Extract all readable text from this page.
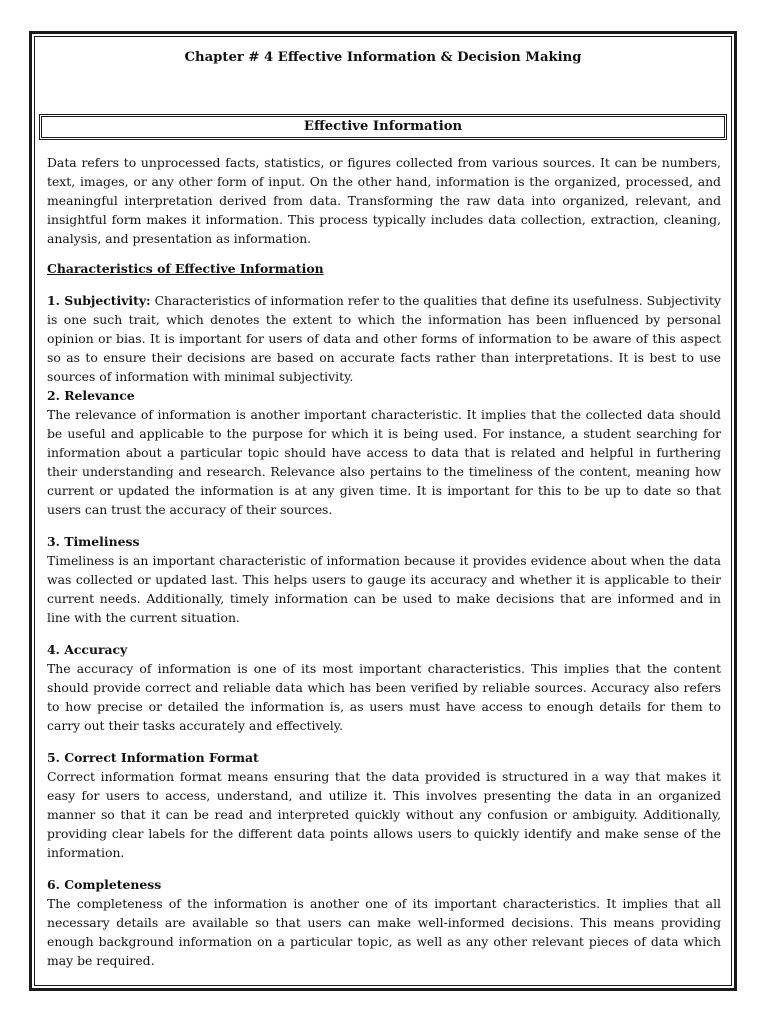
Chapter # 4 Effective Information & Decision Making
Effective Information

Data refers to unprocessed facts, statistics, or figures collected from various sources. It can be numbers, text, images, or any other form of input. On the other hand, information is the organized, processed, and meaningful interpretation derived from data. Transforming the raw data into organized, relevant, and insightful form makes it information. This process typically includes data collection, extraction, cleaning, analysis, and presentation as information.

Characteristics of Effective Information

1. Subjectivity: Characteristics of information refer to the qualities that define its usefulness. Subjectivity is one such trait, which denotes the extent to which the information has been influenced by personal opinion or bias. It is important for users of data and other forms of information to be aware of this aspect so as to ensure their decisions are based on accurate facts rather than interpretations. It is best to use sources of information with minimal subjectivity.

2. Relevance

The relevance of information is another important characteristic. It implies that the collected data should be useful and applicable to the purpose for which it is being used. For instance, a student searching for information about a particular topic should have access to data that is related and helpful in furthering their understanding and research. Relevance also pertains to the timeliness of the content, meaning how current or updated the information is at any given time. It is important for this to be up to date so that users can trust the accuracy of their sources.

3. Timeliness

Timeliness is an important characteristic of information because it provides evidence about when the data was collected or updated last. This helps users to gauge its accuracy and whether it is applicable to their current needs. Additionally, timely information can be used to make decisions that are informed and in line with the current situation.

4. Accuracy

The accuracy of information is one of its most important characteristics. This implies that the content should provide correct and reliable data which has been verified by reliable sources. Accuracy also refers to how precise or detailed the information is, as users must have access to enough details for them to carry out their tasks accurately and effectively.

5. Correct Information Format

Correct information format means ensuring that the data provided is structured in a way that makes it easy for users to access, understand, and utilize it. This involves presenting the data in an organized manner so that it can be read and interpreted quickly without any confusion or ambiguity. Additionally, providing clear labels for the different data points allows users to quickly identify and make sense of the information.

6. Completeness

The completeness of the information is another one of its important characteristics. It implies that all necessary details are available so that users can make well-informed decisions. This means providing enough background information on a particular topic, as well as any other relevant pieces of data which may be required.
